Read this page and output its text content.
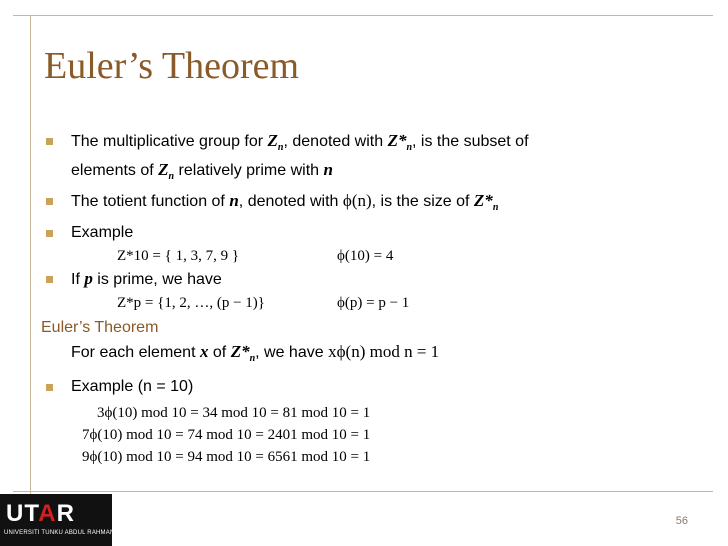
Euler’s Theorem
The multiplicative group for $Z_n$, denoted with $Z*_n$, is the subset of
elements of $Z_n$ relatively prime with n
The totient function of n, denoted with ϕ(n), is the size of $Z*_n$
Example
Z*10 = { 1, 3, 7, 9 }	ϕ(10) = 4
If p is prime, we have
Z*p = {1, 2, …, (p − 1)}	ϕ(p) = p − 1
Euler’s Theorem
For each element x of $Z*_n$, we have xϕ(n) mod n = 1
Example (n = 10)
3ϕ(10) mod 10 = 34 mod 10 = 81 mod 10 = 1
7ϕ(10) mod 10 = 74 mod 10 = 2401 mod 10 = 1
9ϕ(10) mod 10 = 94 mod 10 = 6561 mod 10 = 1
56
UTAR
UNIVERSITI TUNKU ABDUL RAHMAN
